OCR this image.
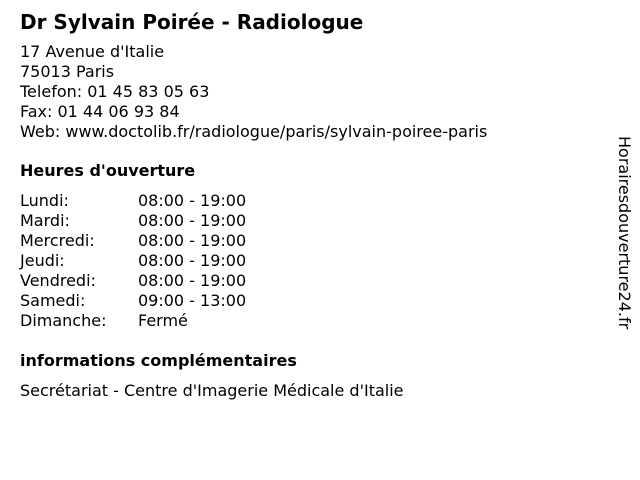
Dr Sylvain Poirée - Radiologue
17 Avenue d'Italie
75013 Paris
Telefon: 01 45 83 05 63
Fax: 01 44 06 93 84
Web: www.doctolib.fr/radiologue/paris/sylvain-poiree-paris
Heures d'ouverture
Lundi:	08:00 - 19:00
Mardi:	08:00 - 19:00
Mercredi:	08:00 - 19:00
Jeudi:	08:00 - 19:00
Vendredi:	08:00 - 19:00
Samedi:	09:00 - 13:00
Dimanche:	Fermé
informations complémentaires
Secrétariat - Centre d'Imagerie Médicale d'Italie
Horairesdouverture24.fr
